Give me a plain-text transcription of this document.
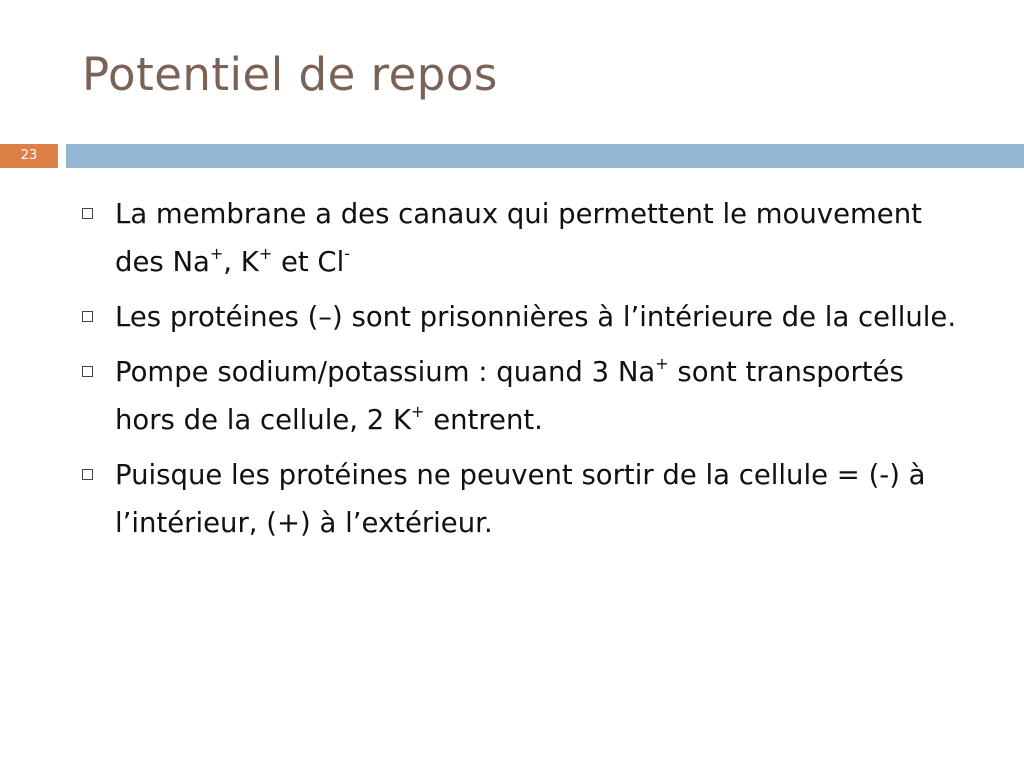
Potentiel de repos
23
La membrane a des canaux qui permettent le mouvement des Na+, K+ et Cl-
Les protéines (–) sont prisonnières à l’intérieure de la cellule.
Pompe sodium/potassium : quand 3 Na+ sont transportés hors de la cellule, 2 K+ entrent.
Puisque les protéines ne peuvent sortir de la cellule = (-) à l’intérieur, (+) à l’extérieur.
